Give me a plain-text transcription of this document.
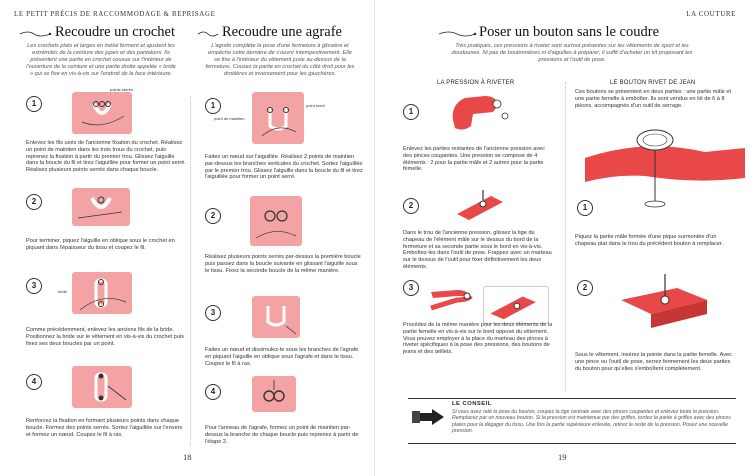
LE PETIT PRÉCIS DE RACCOMMODAGE & REPRISAGE
Recoudre un crochet
Les crochets plats et larges en métal ferment et ajustent les extrémités de la ceinture des jupes et des pantalons. Ils présentent une partie en crochet cousue sur l'intérieur de l'ouverture de la ceinture et une partie droite appelée « bride » qui se fixe en vis-à-vis sur l'endroit de la face intérieure.
Recoudre une agrafe
L'agrafe complète la pose d'une fermeture à glissière et empêche cette dernière de s'ouvrir intempestivement. Elle se fixe à l'intérieur du vêtement juste au-dessus de la fermeture. Cousez la partie en crochet du côté droit pour les droitières et inversement pour les gauchères.
1
points serrés
Enlevez les fils usés de l'ancienne fixation du crochet. Réalisez un point de maintien dans les trois trous du crochet, puis reprenez la fixation à partir du premier trou. Glissez l'aiguille dans la boucle du fil et tirez l'aiguillée pour former un point serré. Réalisez plusieurs points serrés dans chaque boucle.
2
Pour terminer, piquez l'aiguille en oblique sous le crochet en piquant dans l'épaisseur du tissu et coupez le fil.
3
bride
Comme précédemment, enlevez les anciens fils de la bride. Positionnez la bride sur le vêtement en vis-à-vis du crochet puis fixez ses deux boucles par un point.
4
Renforcez la fixation en formant plusieurs points dans chaque boucle. Formez des points serrés. Sortez l'aiguillée sur l'envers et formez un nœud. Coupez le fil à ras.
1	point serré
point de maintien
Faites un nœud sur l'aiguillée. Réalisez 2 points de maintien par-dessus les branches verticales du crochet. Sortez l'aiguillée par le premier trou. Glissez l'aiguille dans la boucle du fil et tirez l'aiguillée pour former un point serré.
2
Réalisez plusieurs points serrés par-dessus la première boucle puis passez dans la boucle suivante en glissant l'aiguille sous le tissu. Fixez la seconde boucle de la même manière.
3
Faites un nœud et dissimulez-le sous les branches de l'agrafe en piquant l'aiguille en oblique sous l'agrafe et dans le tissu. Coupez le fil à ras.
4
Pour l'anneau de l'agrafe, formez un point de maintien par-dessus la branche de chaque boucle puis reprenez à partir de l'étape 2.
18
LA COUTURE
Poser un bouton sans le coudre
Très pratiques, ces pressions à riveter sont surtout présentes sur les vêtements de sport et les doudounes. Ni pas de boutonnières ni d'aiguilles à préparer, il suffit d'acheter un kit proposant les pressions et l'outil de pose.
LA PRESSION À RIVETER
1
Enlevez les parties restantes de l'ancienne pression avec des pinces coupantes. Une pression se compose de 4 éléments : 2 pour la partie mâle et 2 autres pour la partie femelle.
2
Dans le trou de l'ancienne pression, glissez la tige du chapeau de l'élément mâle sur le dessus du bord de la fermeture et sa seconde partie sous le bord en vis-à-vis. Emboîtez-les dans l'outil de pose. Frappez avec un marteau sur le dessus de l'outil pour fixer définitivement les deux éléments.
3
Procédez de la même manière pour les deux éléments de la partie femelle en vis-à-vis sur le bord opposé du vêtement. Vous pouvez employer à la place du marteau des pinces à riveter spécifiques à la pose des pressions, des boutons de jeans et des œillets.
LE BOUTON RIVET DE JEAN
Ces boutons se présentent en deux parties : une partie mâle et une partie femelle à emboîter. Ils sont vendus en kit de 6 à 8 pièces, accompagnés d'un outil de serrage.
1
Piquez la partie mâle formée d'une pique surmontée d'un chapeau plat dans le trou du précédent bouton à remplacer.
2
Sous le vêtement, insérez la pointe dans la partie femelle. Avec une pince ou l'outil de pose, serrez fermement les deux parties du bouton pour qu'elles s'emboîtent complètement.
LE CONSEIL
Si vous avez raté la pose du bouton, coupez la tige centrale avec des pinces coupantes et enlevez toute la pression. Remplacez par un nouveau bouton. Si la pression est maintenue par des griffes, tordez la partie à griffes avec des pinces plates pour la dégager du tissu. Une fois la partie supérieure enlevée, retirez le reste de la pression. Posez une nouvelle pression.
19
